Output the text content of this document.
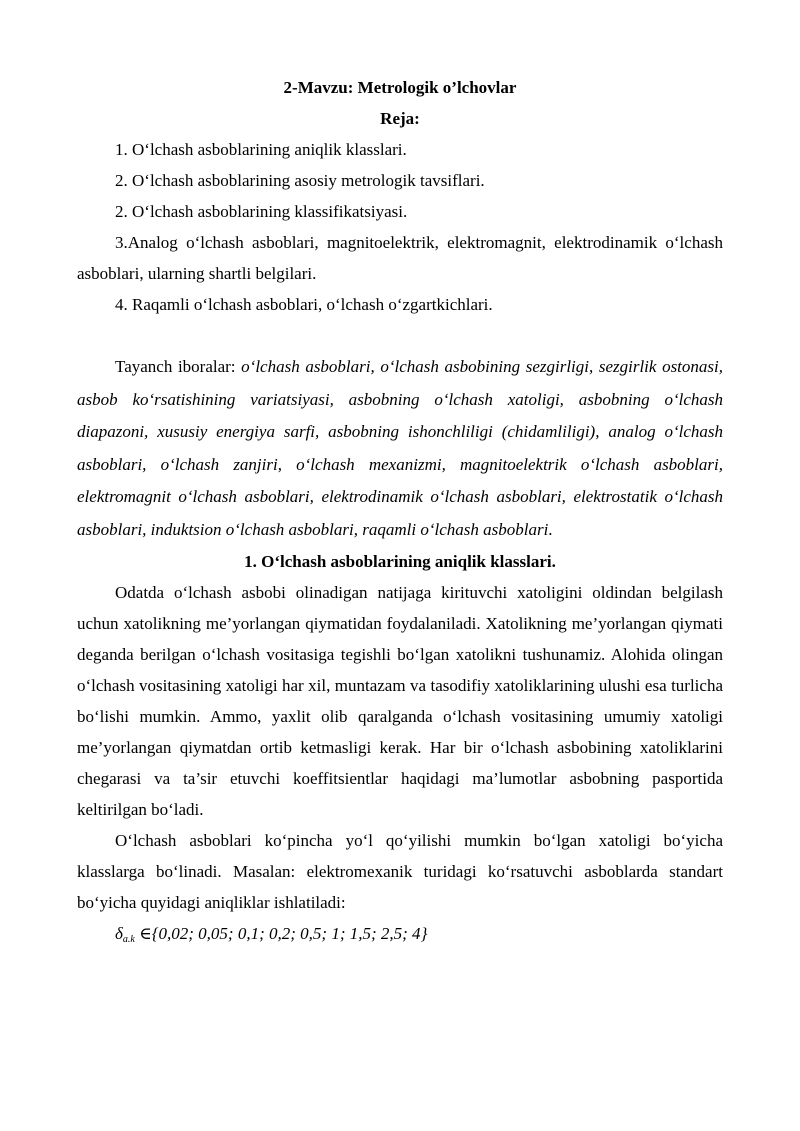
2-Mavzu: Metrologik o’lchovlar

Reja:

1. O‘lchash asboblarining aniqlik klasslari.

2. O‘lchash asboblarining asosiy metrologik tavsiflari.

2. O‘lchash asboblarining klassifikatsiyasi.

3.Analog o‘lchash asboblari, magnitoelektrik, elektromagnit, elektrodinamik o‘lchash asboblari, ularning shartli belgilari.

4. Raqamli o‘lchash asboblari, o‘lchash o‘zgartkichlari.

Tayanch iboralar: o‘lchash asboblari, o‘lchash asbobining sezgirligi, sezgirlik ostonasi, asbob ko‘rsatishining variatsiyasi, asbobning o‘lchash xatoligi, asbobning o‘lchash diapazoni, xususiy energiya sarfi, asbobning ishonchliligi (chidamliligi), analog o‘lchash asboblari, o‘lchash zanjiri, o‘lchash mexanizmi, magnitoelektrik o‘lchash asboblari, elektromagnit o‘lchash asboblari, elektrodinamik o‘lchash asboblari, elektrostatik o‘lchash asboblari, induktsion o‘lchash asboblari, raqamli o‘lchash asboblari.

1. O‘lchash asboblarining aniqlik klasslari.

Odatda o‘lchash asbobi olinadigan natijaga kirituvchi xatoligini oldindan belgilash uchun xatolikning me’yorlangan qiymatidan foydalaniladi. Xatolikning me’yorlangan qiymati deganda berilgan o‘lchash vositasiga tegishli bo‘lgan xatolikni tushunamiz. Alohida olingan o‘lchash vositasining xatoligi har xil, muntazam va tasodifiy xatoliklarining ulushi esa turlicha bo‘lishi mumkin. Ammo, yaxlit olib qaralganda o‘lchash vositasining umumiy xatoligi me’yorlangan qiymatdan ortib ketmasligi kerak. Har bir o‘lchash asbobining xatoliklarini chegarasi va ta’sir etuvchi koeffitsientlar haqidagi ma’lumotlar asbobning pasportida keltirilgan bo‘ladi.

O‘lchash asboblari ko‘pincha yo‘l qo‘yilishi mumkin bo‘lgan xatoligi bo‘yicha klasslarga bo‘linadi. Masalan: elektromexanik turidagi ko‘rsatuvchi asboblarda standart bo‘yicha quyidagi aniqliklar ishlatiladi:

$\delta_{a.k}$ ∈{0,02; 0,05; 0,1; 0,2; 0,5; 1; 1,5; 2,5; 4}
